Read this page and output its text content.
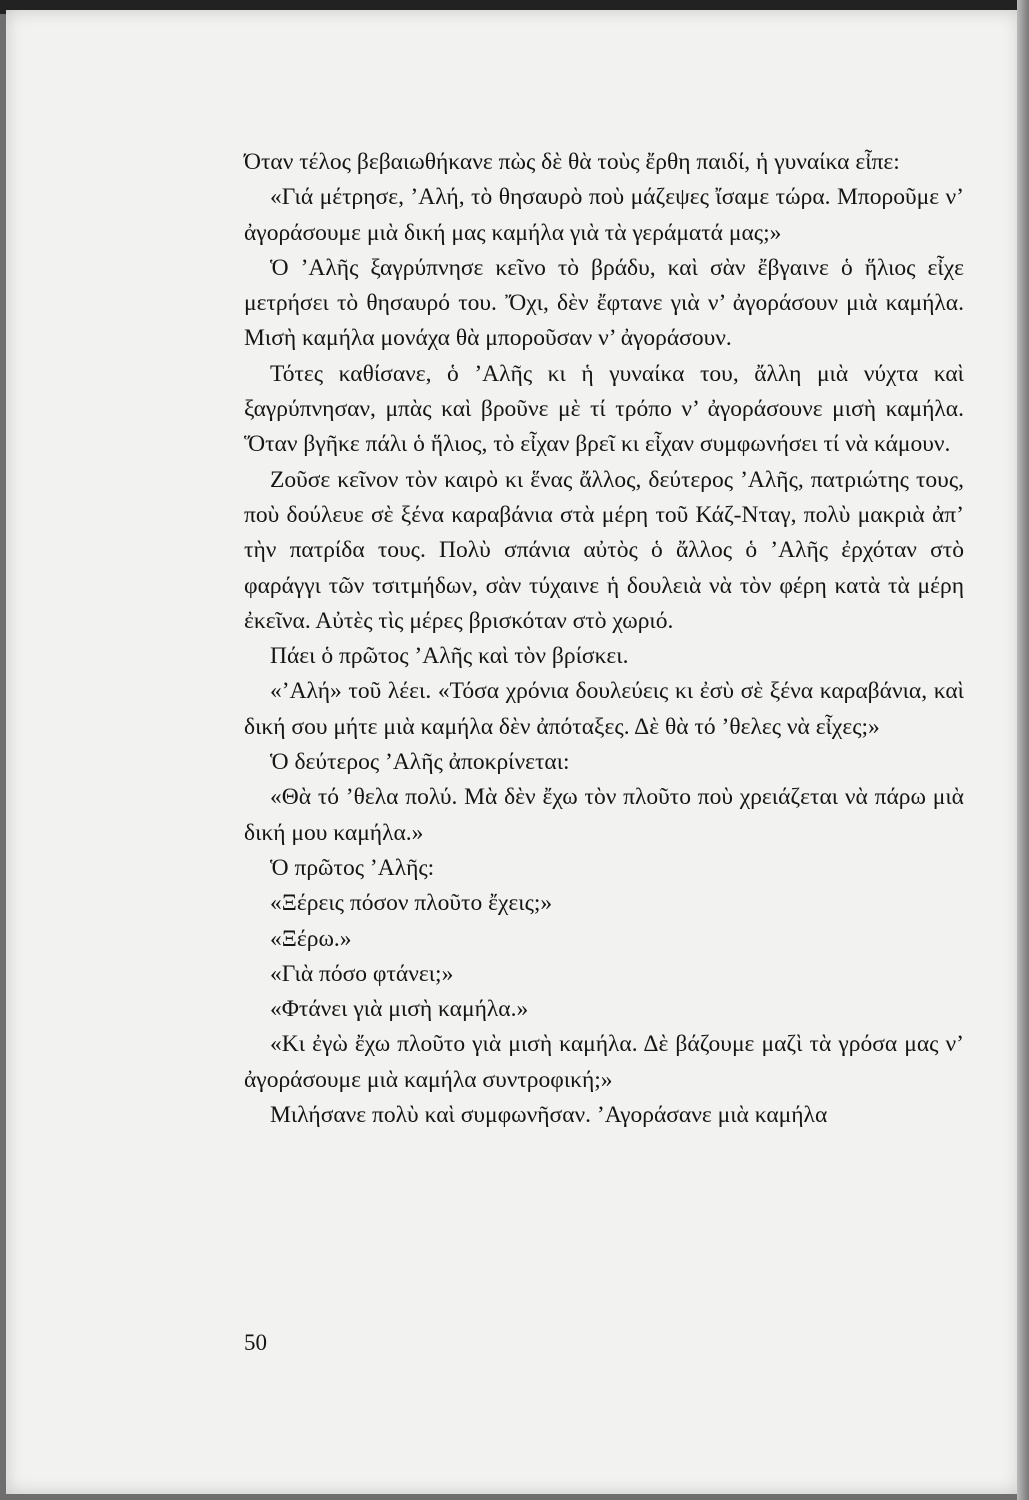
Όταν τέλος βεβαιωθήκανε πὼς δὲ θὰ τοὺς ἔρθη παιδί, ἡ γυναίκα εἶπε:

«Γιά μέτρησε, ’Αλή, τὸ θησαυρὸ ποὺ μάζεψες ἴσαμε τώρα. Μποροῦμε ν’ ἀγοράσουμε μιὰ δική μας καμήλα γιὰ τὰ γεράματά μας;»

Ὁ ’Αλῆς ξαγρύπνησε κεῖνο τὸ βράδυ, καὶ σὰν ἔβγαινε ὁ ἥλιος εἶχε μετρήσει τὸ θησαυρό του. Ὄχι, δὲν ἔφτανε γιὰ ν’ ἀγοράσουν μιὰ καμήλα. Μισὴ καμήλα μονάχα θὰ μποροῦσαν ν’ ἀγοράσουν.

Τότες καθίσανε, ὁ ’Αλῆς κι ἡ γυναίκα του, ἄλλη μιὰ νύχτα καὶ ξαγρύπνησαν, μπὰς καὶ βροῦνε μὲ τί τρόπο ν’ ἀγοράσουνε μισὴ καμήλα. Ὅταν βγῆκε πάλι ὁ ἥλιος, τὸ εἶχαν βρεῖ κι εἶχαν συμφωνήσει τί νὰ κάμουν.

Ζοῦσε κεῖνον τὸν καιρὸ κι ἕνας ἄλλος, δεύτερος ’Αλῆς, πατριώτης τους, ποὺ δούλευε σὲ ξένα καραβάνια στὰ μέρη τοῦ Κάζ-Νταγ, πολὺ μακριὰ ἀπ’ τὴν πατρίδα τους. Πολὺ σπάνια αὐτὸς ὁ ἄλλος ὁ ’Αλῆς ἐρχόταν στὸ φαράγγι τῶν τσιτμήδων, σὰν τύχαινε ἡ δουλειὰ νὰ τὸν φέρη κατὰ τὰ μέρη ἐκεῖνα. Αὐτὲς τὶς μέρες βρισκόταν στὸ χωριό.

Πάει ὁ πρῶτος ’Αλῆς καὶ τὸν βρίσκει.

«’Αλή» τοῦ λέει. «Τόσα χρόνια δουλεύεις κι ἐσὺ σὲ ξένα καραβάνια, καὶ δική σου μήτε μιὰ καμήλα δὲν ἀπόταξες. Δὲ θὰ τό ’θελες νὰ εἶχες;»

Ὁ δεύτερος ’Αλῆς ἀποκρίνεται:

«Θὰ τό ’θελα πολύ. Μὰ δὲν ἔχω τὸν πλοῦτο ποὺ χρειάζεται νὰ πάρω μιὰ δική μου καμήλα.»

Ὁ πρῶτος ’Αλῆς:

«Ξέρεις πόσον πλοῦτο ἔχεις;»

«Ξέρω.»

«Γιὰ πόσο φτάνει;»

«Φτάνει γιὰ μισὴ καμήλα.»

«Κι ἐγὼ ἔχω πλοῦτο γιὰ μισὴ καμήλα. Δὲ βάζουμε μαζὶ τὰ γρόσα μας ν’ ἀγοράσουμε μιὰ καμήλα συντροφική;»

Μιλήσανε πολὺ καὶ συμφωνῆσαν. ’Αγοράσανε μιὰ καμήλα

50
